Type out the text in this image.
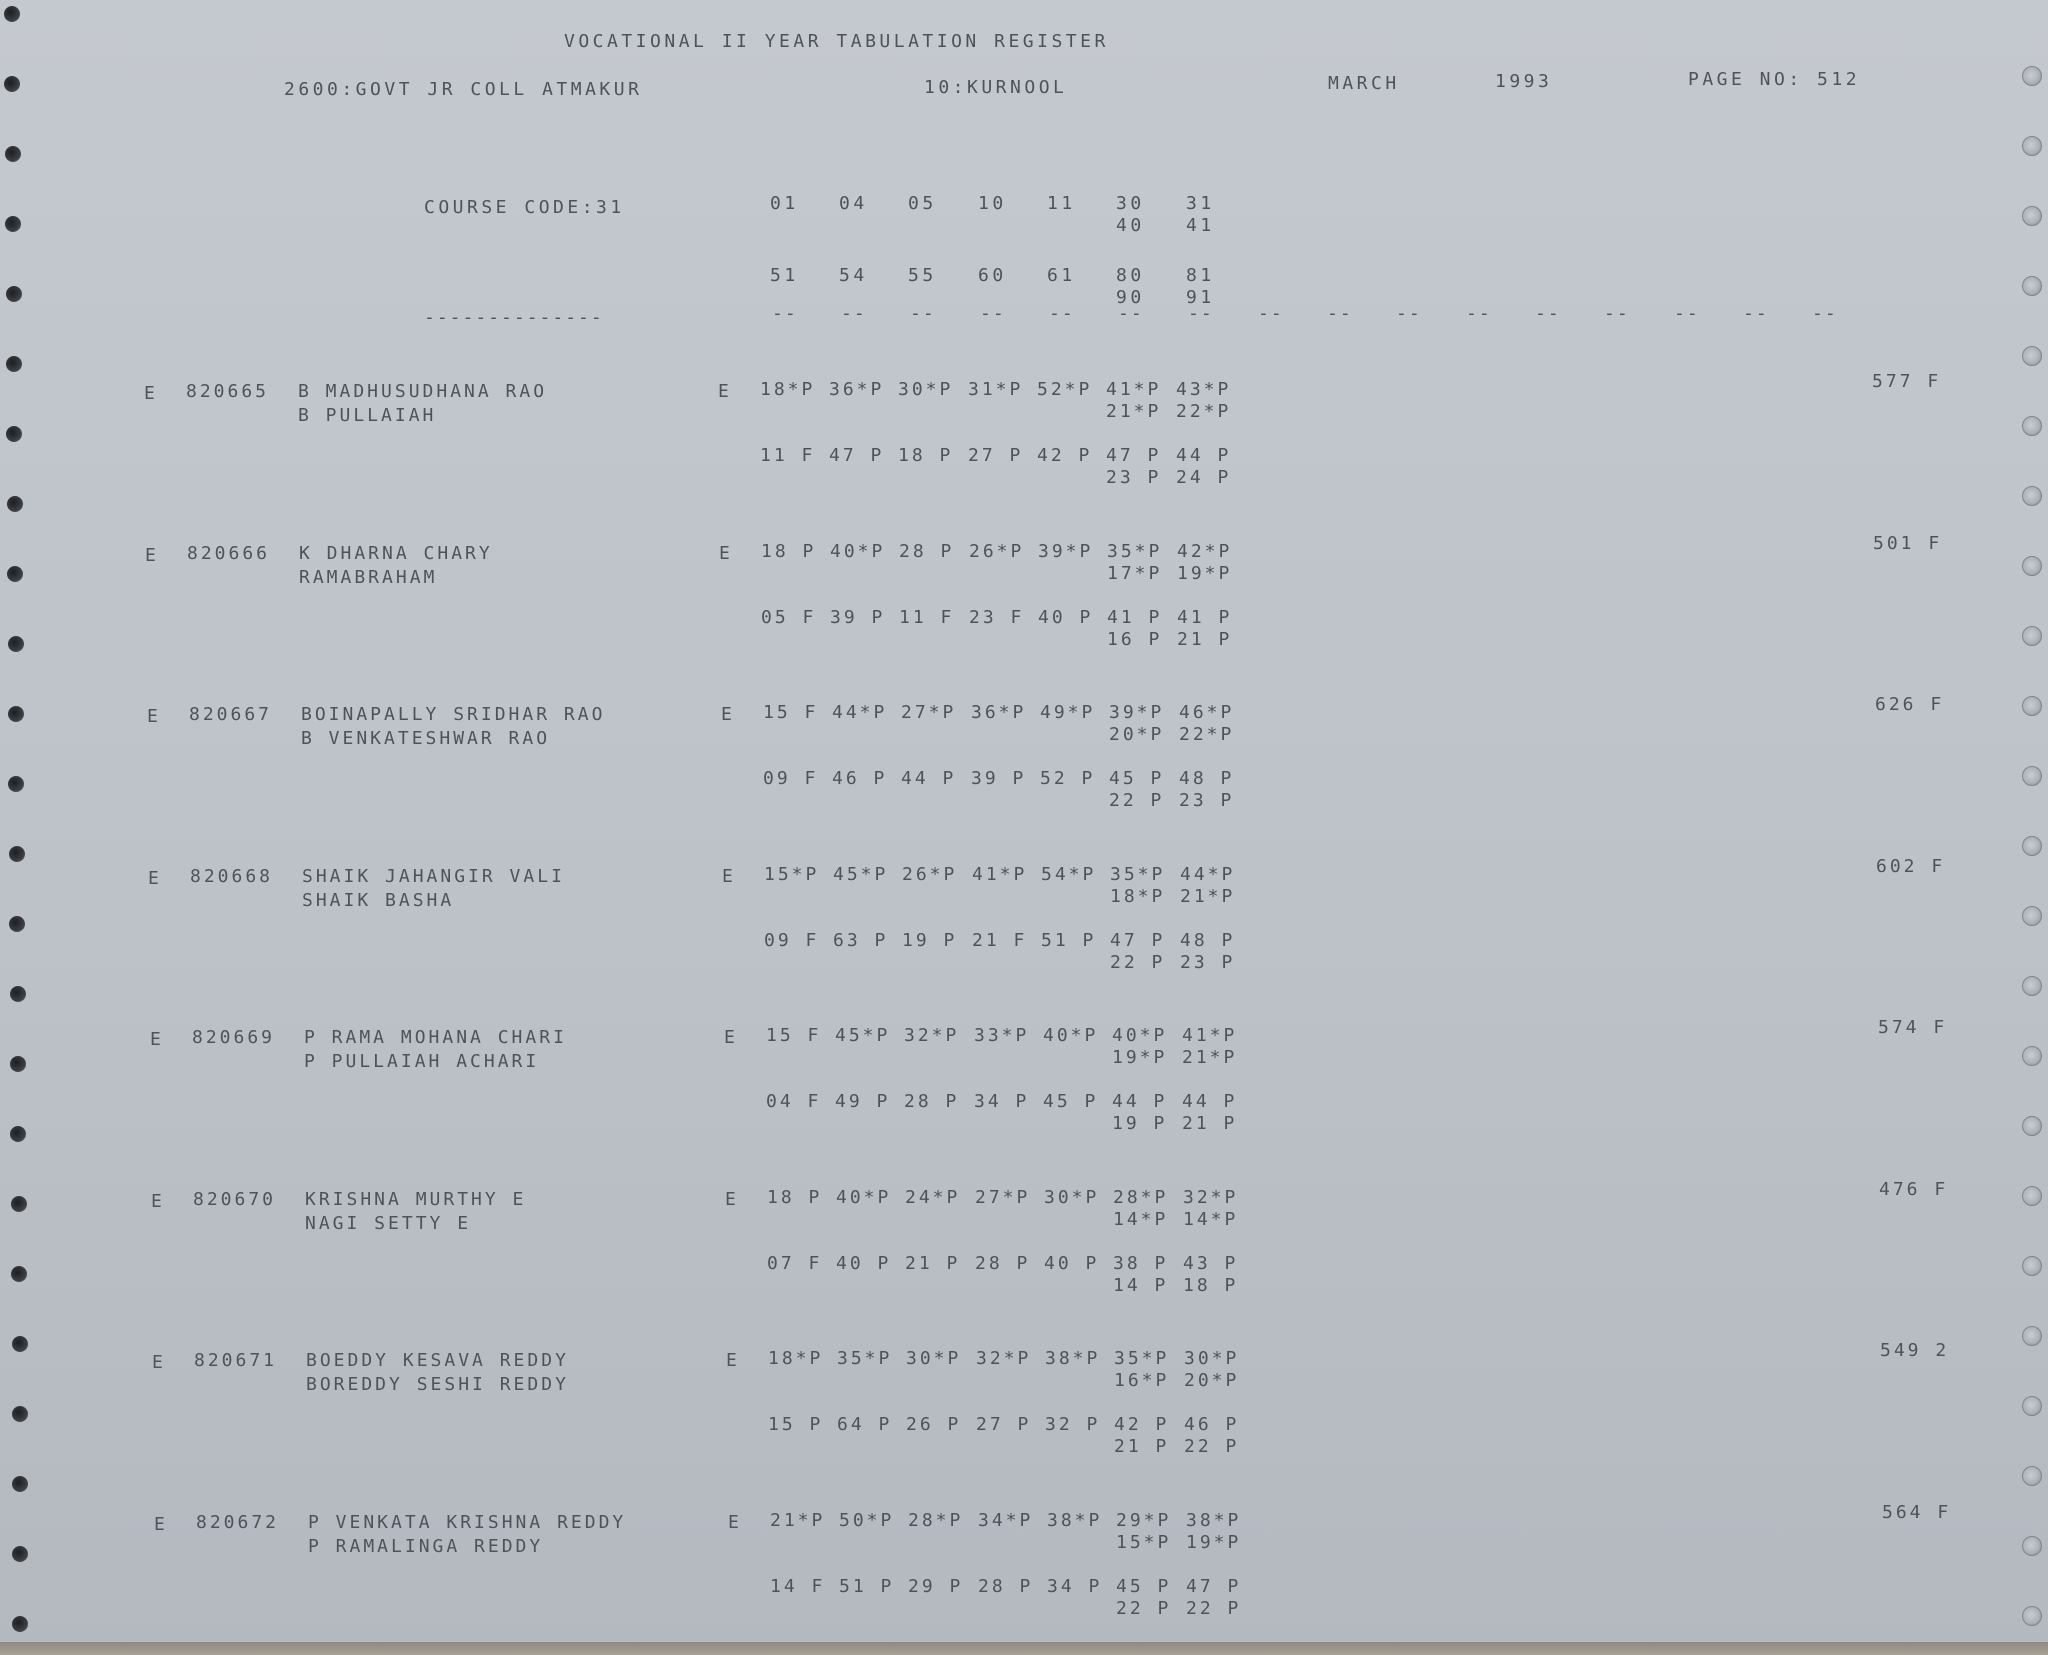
VOCATIONAL II YEAR TABULATION REGISTER
2600:GOVT JR COLL ATMAKUR	10:KURNOOL	MARCH	1993	PAGE NO: 512
COURSE CODE:31	01 04 05 10 11 30 31
40 41
51 54 55 60 61 80 81
90 91
-- -- -- -- -- -- -- -- -- -- -- -- -- -- -- --
--------------
E 820665 B MADHUSUDHANA RAO
B PULLAIAH
E 18*P 36*P 30*P 31*P 52*P 41*P 43*P
21*P 22*P
11 F 47 P 18 P 27 P 42 P 47 P 44 P
23 P 24 P
577 F
E 820666 K DHARNA CHARY
RAMABRAHAM
E 18 P 40*P 28 P 26*P 39*P 35*P 42*P
17*P 19*P
05 F 39 P 11 F 23 F 40 P 41 P 41 P
16 P 21 P
501 F
E 820667 BOINAPALLY SRIDHAR RAO
B VENKATESHWAR RAO
E 15 F 44*P 27*P 36*P 49*P 39*P 46*P
20*P 22*P
09 F 46 P 44 P 39 P 52 P 45 P 48 P
22 P 23 P
626 F
E 820668 SHAIK JAHANGIR VALI
SHAIK BASHA
E 15*P 45*P 26*P 41*P 54*P 35*P 44*P
18*P 21*P
09 F 63 P 19 P 21 F 51 P 47 P 48 P
22 P 23 P
602 F
E 820669 P RAMA MOHANA CHARI
P PULLAIAH ACHARI
E 15 F 45*P 32*P 33*P 40*P 40*P 41*P
19*P 21*P
04 F 49 P 28 P 34 P 45 P 44 P 44 P
19 P 21 P
574 F
E 820670 KRISHNA MURTHY E
NAGI SETTY E
E 18 P 40*P 24*P 27*P 30*P 28*P 32*P
14*P 14*P
07 F 40 P 21 P 28 P 40 P 38 P 43 P
14 P 18 P
476 F
E 820671 BOEDDY KESAVA REDDY
BOREDDY SESHI REDDY
E 18*P 35*P 30*P 32*P 38*P 35*P 30*P
16*P 20*P
15 P 64 P 26 P 27 P 32 P 42 P 46 P
21 P 22 P
549 2
E 820672 P VENKATA KRISHNA REDDY
P RAMALINGA REDDY
E 21*P 50*P 28*P 34*P 38*P 29*P 38*P
15*P 19*P
14 F 51 P 29 P 28 P 34 P 45 P 47 P
22 P 22 P
564 F
